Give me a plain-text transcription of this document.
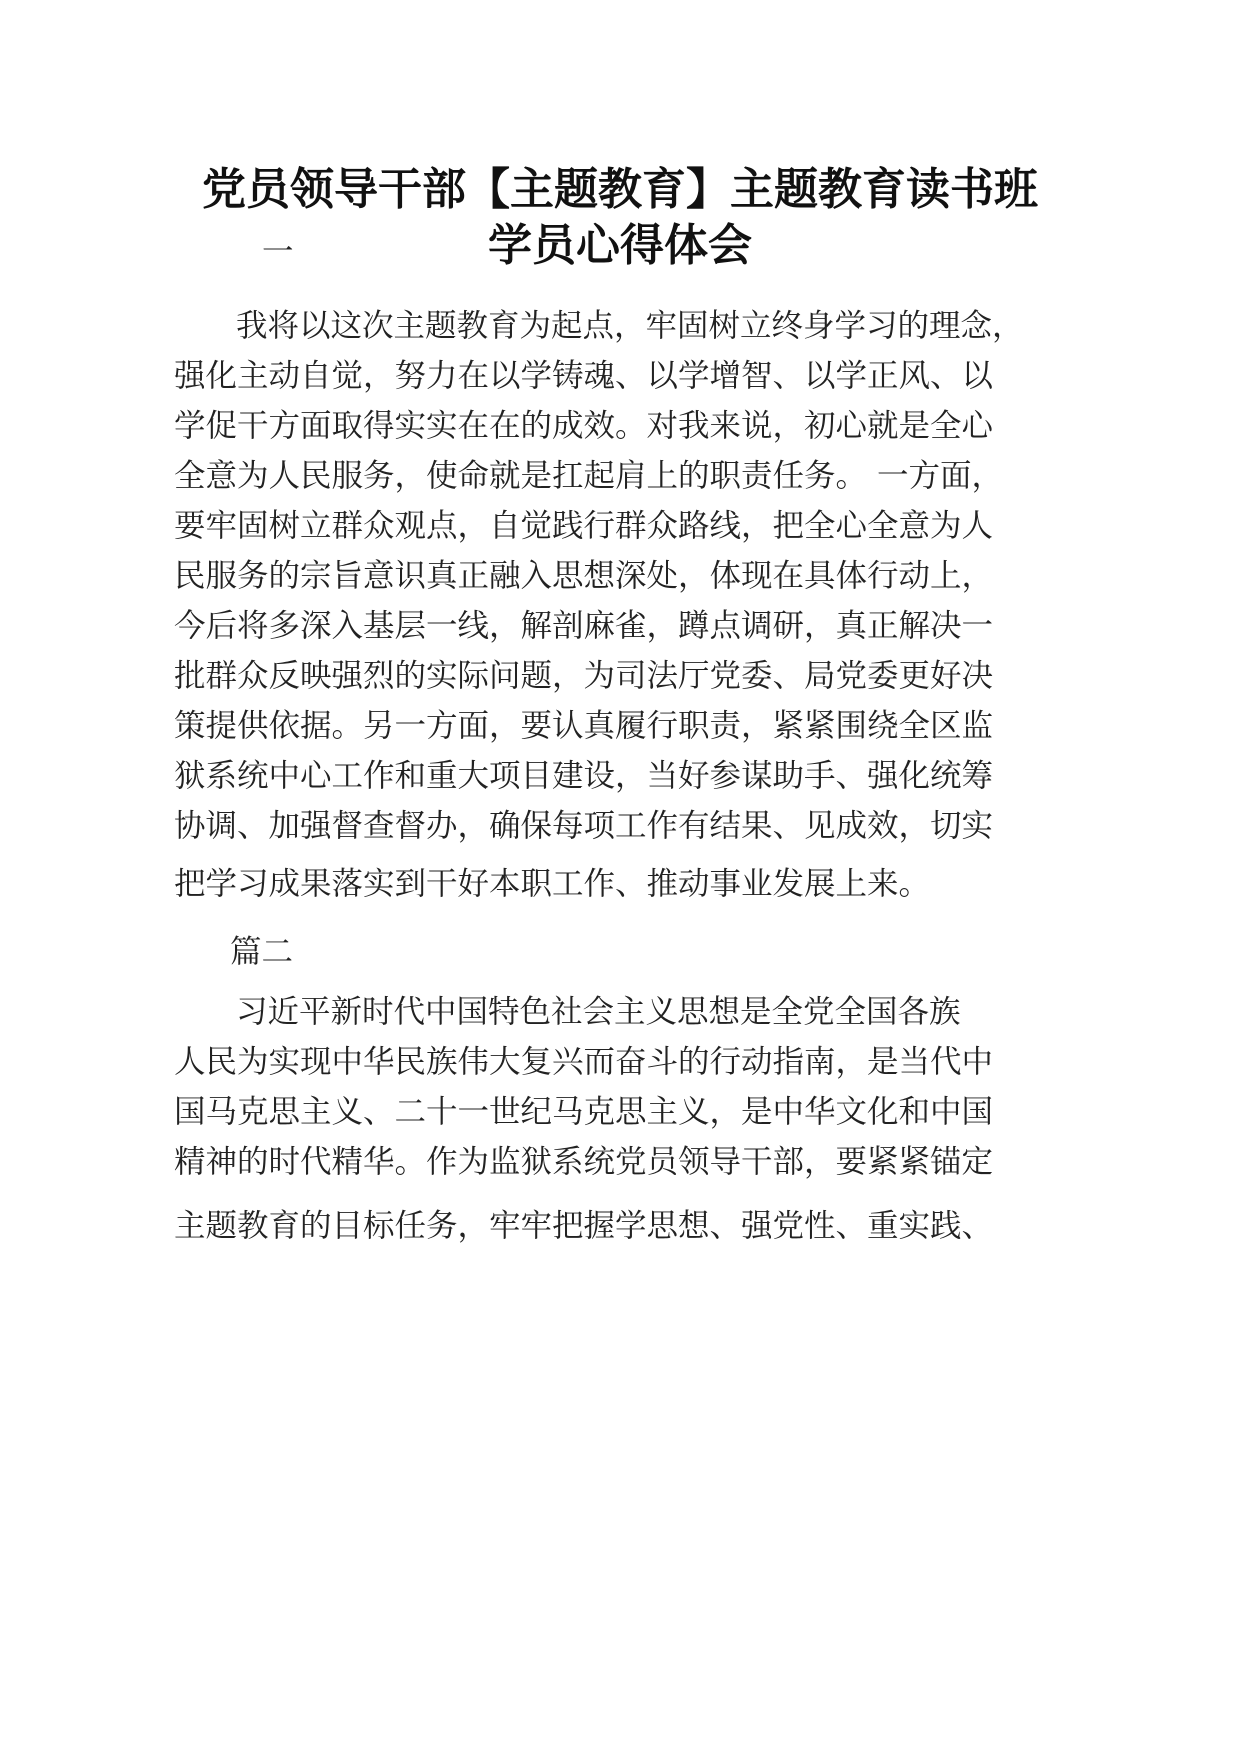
党员领导干部【主题教育】主题教育读书班
学员心得体会
一
我将以这次主题教育为起点，牢固树立终身学习的理念，
强化主动自觉，努力在以学铸魂、以学增智、以学正风、以
学促干方面取得实实在在的成效。对我来说，初心就是全心
全意为人民服务，使命就是扛起肩上的职责任务。 一方面，
要牢固树立群众观点，自觉践行群众路线，把全心全意为人
民服务的宗旨意识真正融入思想深处，体现在具体行动上，
今后将多深入基层一线，解剖麻雀，蹲点调研，真正解决一
批群众反映强烈的实际问题，为司法厅党委、局党委更好决
策提供依据。另一方面，要认真履行职责，紧紧围绕全区监
狱系统中心工作和重大项目建设，当好参谋助手、强化统筹
协调、加强督查督办，确保每项工作有结果、见成效，切实
把学习成果落实到干好本职工作、推动事业发展上来。
篇二
习近平新时代中国特色社会主义思想是全党全国各族
人民为实现中华民族伟大复兴而奋斗的行动指南，是当代中
国马克思主义、二十一世纪马克思主义，是中华文化和中国
精神的时代精华。作为监狱系统党员领导干部，要紧紧锚定
主题教育的目标任务，牢牢把握学思想、强党性、重实践、
